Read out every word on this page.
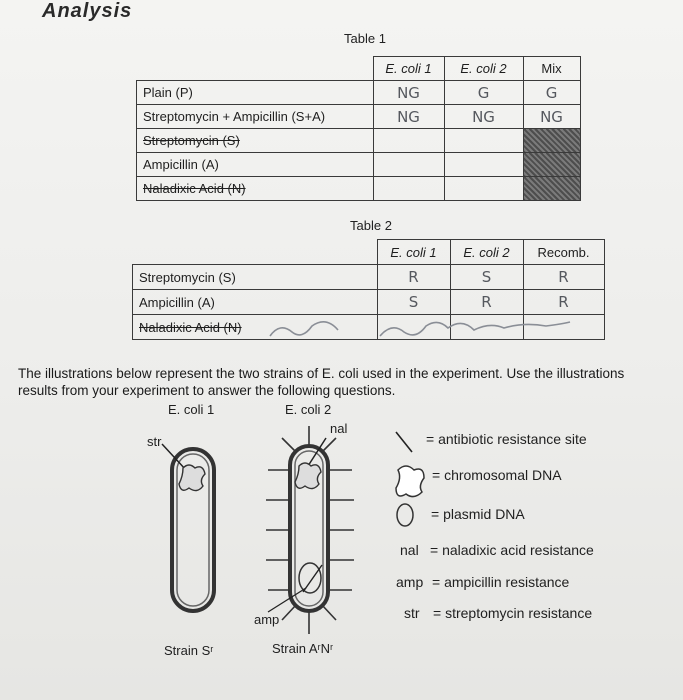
Analysis
Table 1
	E. coli 1	E. coli 2	Mix
Plain (P)	NG	G	G
Streptomycin + Ampicillin (S+A)	NG	NG	NG
Streptomycin (S)			
Ampicillin (A)			
Naladixic Acid (N)			
Table 2
	E. coli 1	E. coli 2	Recomb.
Streptomycin (S)	R	S	R
Ampicillin (A)	S	R	R
Naladixic Acid (N)			
The illustrations below represent the two strains of E. coli used in the experiment. Use the illustrations
results from your experiment to answer the following questions.
E. coli 1	E. coli 2
str
nal
amp
Strain Sʳ	Strain AʳNʳ
= antibiotic resistance site
= chromosomal DNA
= plasmid DNA
nal = naladixic acid resistance
amp = ampicillin resistance
str = streptomycin resistance
